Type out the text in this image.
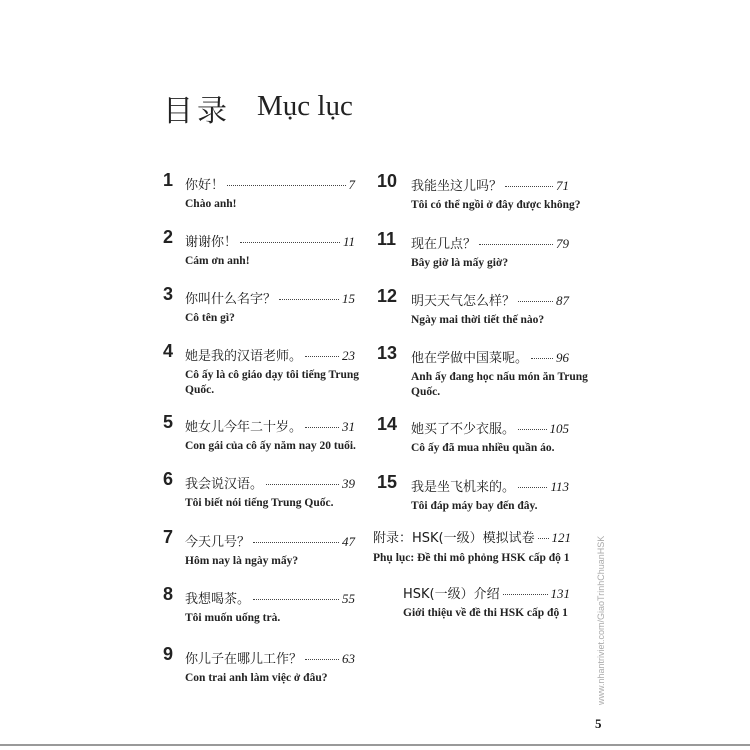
目录 Mục lục
1 你好！	7
Chào anh!
2 谢谢你！	11
Cám ơn anh!
3 你叫什么名字？	15
Cô tên gì?
4 她是我的汉语老师。	23
Cô ấy là cô giáo dạy tôi tiếng Trung Quốc.
5 她女儿今年二十岁。	31
Con gái của cô ấy năm nay 20 tuổi.
6 我会说汉语。	39
Tôi biết nói tiếng Trung Quốc.
7 今天几号？	47
Hôm nay là ngày mấy?
8 我想喝茶。	55
Tôi muốn uống trà.
9 你儿子在哪儿工作？	63
Con trai anh làm việc ở đâu?
10 我能坐这儿吗？	71
Tôi có thể ngồi ở đây được không?
11 现在几点？	79
Bây giờ là mấy giờ?
12 明天天气怎么样？	87
Ngày mai thời tiết thế nào?
13 他在学做中国菜呢。 96
Anh ấy đang học nấu món ăn Trung Quốc.
14 她买了不少衣服。	105
Cô ấy đã mua nhiều quần áo.
15 我是坐飞机来的。	113
Tôi đáp máy bay đến đây.
附录：HSK(一级）模拟试卷 121
Phụ lục: Đề thi mô phỏng HSK cấp độ 1
HSK(一级）介绍	131
Giới thiệu về đề thi HSK cấp độ 1	www.nhantriviet.com/GiaoTrinhChuanHSK
5
